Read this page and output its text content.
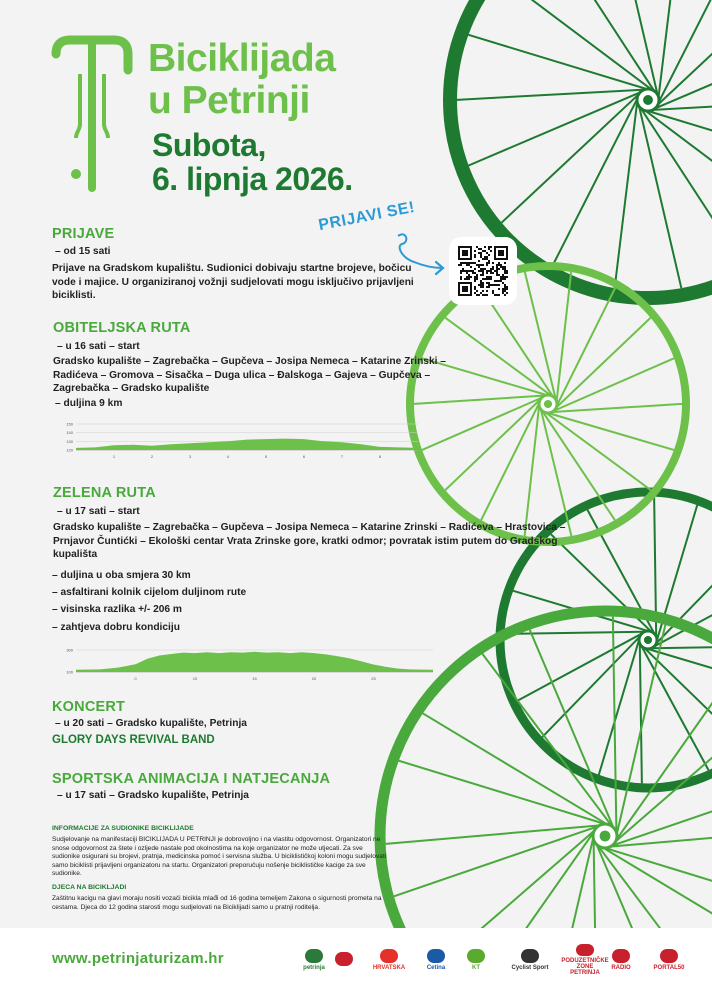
Biciklijada
u Petrinji
Subota,
6. lipnja 2026.
PRIJAVI SE!
PRIJAVE
– od 15 sati
Prijave na Gradskom kupalištu. Sudionici dobivaju startne brojeve, bočicu vode i majice. U organiziranoj vožnji sudjelovati mogu isključivo prijavljeni biciklisti.
OBITELJSKA RUTA
– u 16 sati – start
Gradsko kupalište – Zagrebačka – Gupčeva – Josipa Nemeca – Katarine Zrinski – Radićeva – Gromova – Sisačka – Duga ulica – Đalskoga – Gajeva – Gupčeva – Zagrebačka – Gradsko kupalište
– duljina 9 km
150
140
130
120
1	2	3	4	5	6	7	8
ZELENA RUTA
– u 17 sati – start
Gradsko kupalište – Zagrebačka – Gupčeva – Josipa Nemeca – Katarine Zrinski – Radićeva – Hrastovica – Prnjavor Čuntićki – Ekološki centar Vrata Zrinske gore, kratki odmor; povratak istim putem do Gradskog kupališta
– duljina u oba smjera 30 km
– asfaltirani kolnik cijelom duljinom rute
– visinska razlika +/- 206 m
– zahtjeva dobru kondiciju
300
100
0	10	15	20	25
KONCERT
– u 20 sati – Gradsko kupalište, Petrinja
GLORY DAYS REVIVAL BAND
SPORTSKA ANIMACIJA I NATJECANJA
– u 17 sati – Gradsko kupalište, Petrinja
INFORMACIJE ZA SUDIONIKE BICIKLIJADE
Sudjelovanje na manifestaciji BICIKLIJADA U PETRINJI je dobrovoljno i na vlastitu odgovornost. Organizatori ne snose odgovornost za štete i ozljede nastale pod okolnostima na koje organizator ne može utjecati. Za sve sudionike osigurani su brojevi, pratnja, medicinska pomoć i servisna služba. U biciklističkoj koloni mogu sudjelovati samo biciklisti prijavljeni organizatoru na startu. Organizatori preporučuju nošenje biciklističke kacige za sve sudionike.
DJECA NA BICIKLJADI
Zaštitnu kacigu na glavi moraju nositi vozači bicikla mlađi od 16 godina temeljem Zakona o sigurnosti prometa na cestama. Djeca do 12 godina starosti mogu sudjelovati na Biciklijadi samo u pratnji roditelja.
www.petrinjaturizam.hr
petrinja	HRVATSKA	Cetina	KT	Cyclist Sport
PODUZETNIČKE ZONE PETRINJA
RADIO	PORTAL50
